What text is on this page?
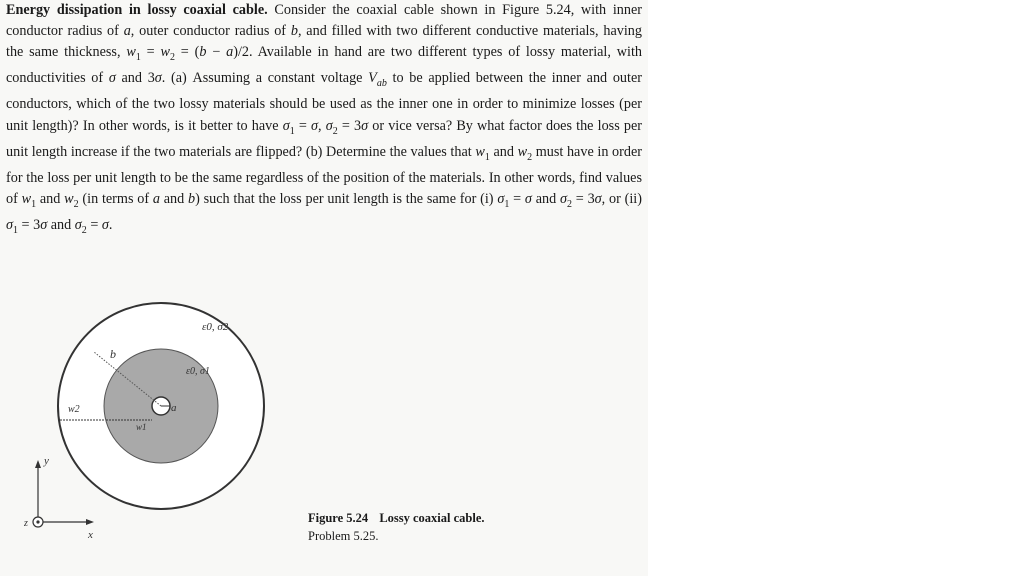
Energy dissipation in lossy coaxial cable. Consider the coaxial cable shown in Figure 5.24, with inner conductor radius of a, outer conductor radius of b, and filled with two different conductive materials, having the same thickness, $w_1 = w_2 = (b - a)/2$. Available in hand are two different types of lossy material, with conductivities of σ and 3σ. (a) Assuming a constant voltage $V_{ab}$ to be applied between the inner and outer conductors, which of the two lossy materials should be used as the inner one in order to minimize losses (per unit length)? In other words, is it better to have $\sigma_1 = \sigma$, $\sigma_2 = 3\sigma$ or vice versa? By what factor does the loss per unit length increase if the two materials are flipped? (b) Determine the values that $w_1$ and $w_2$ must have in order for the loss per unit length to be the same regardless of the position of the materials. In other words, find values of $w_1$ and $w_2$ (in terms of a and b) such that the loss per unit length is the same for (i) $\sigma_1 = \sigma$ and $\sigma_2 = 3\sigma$, or (ii) $\sigma_1 = 3\sigma$ and $\sigma_2 = \sigma$.

ε0, σ2
ε0, σ1
b
a
w2
w1
y
x
z	Figure 5.24 Lossy coaxial cable.
Problem 5.25.
